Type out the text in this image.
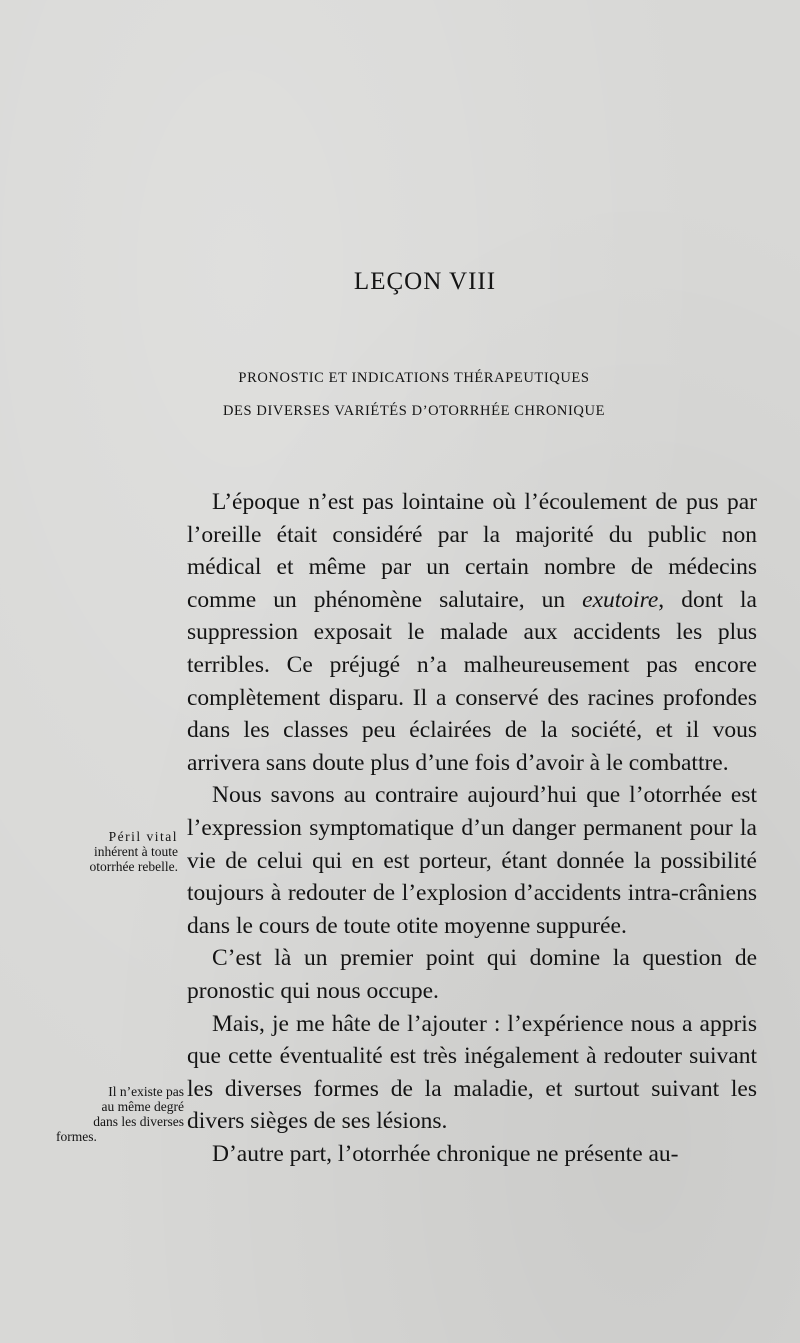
LEÇON VIII
PRONOSTIC ET INDICATIONS THÉRAPEUTIQUES
DES DIVERSES VARIÉTÉS D’OTORRHÉE CHRONIQUE
Péril vital
inhérent à toute
otorrhée rebelle.
Il n’existe pas
au même degré
dans les diverses
formes.

L’époque n’est pas lointaine où l’écoulement de pus par l’oreille était considéré par la majorité du public non médical et même par un certain nombre de médecins comme un phénomène salutaire, un exutoire, dont la suppression exposait le malade aux accidents les plus terribles. Ce préjugé n’a malheureusement pas encore complètement disparu. Il a conservé des racines profondes dans les classes peu éclairées de la société, et il vous arrivera sans doute plus d’une fois d’avoir à le combattre.

Nous savons au contraire aujourd’hui que l’otorrhée est l’expression symptomatique d’un danger permanent pour la vie de celui qui en est porteur, étant donnée la possibilité toujours à redouter de l’explosion d’accidents intra-crâniens dans le cours de toute otite moyenne suppurée.

C’est là un premier point qui domine la question de pronostic qui nous occupe.

Mais, je me hâte de l’ajouter : l’expérience nous a appris que cette éventualité est très inégalement à redouter suivant les diverses formes de la maladie, et surtout suivant les divers sièges de ses lésions.

D’autre part, l’otorrhée chronique ne présente au-
